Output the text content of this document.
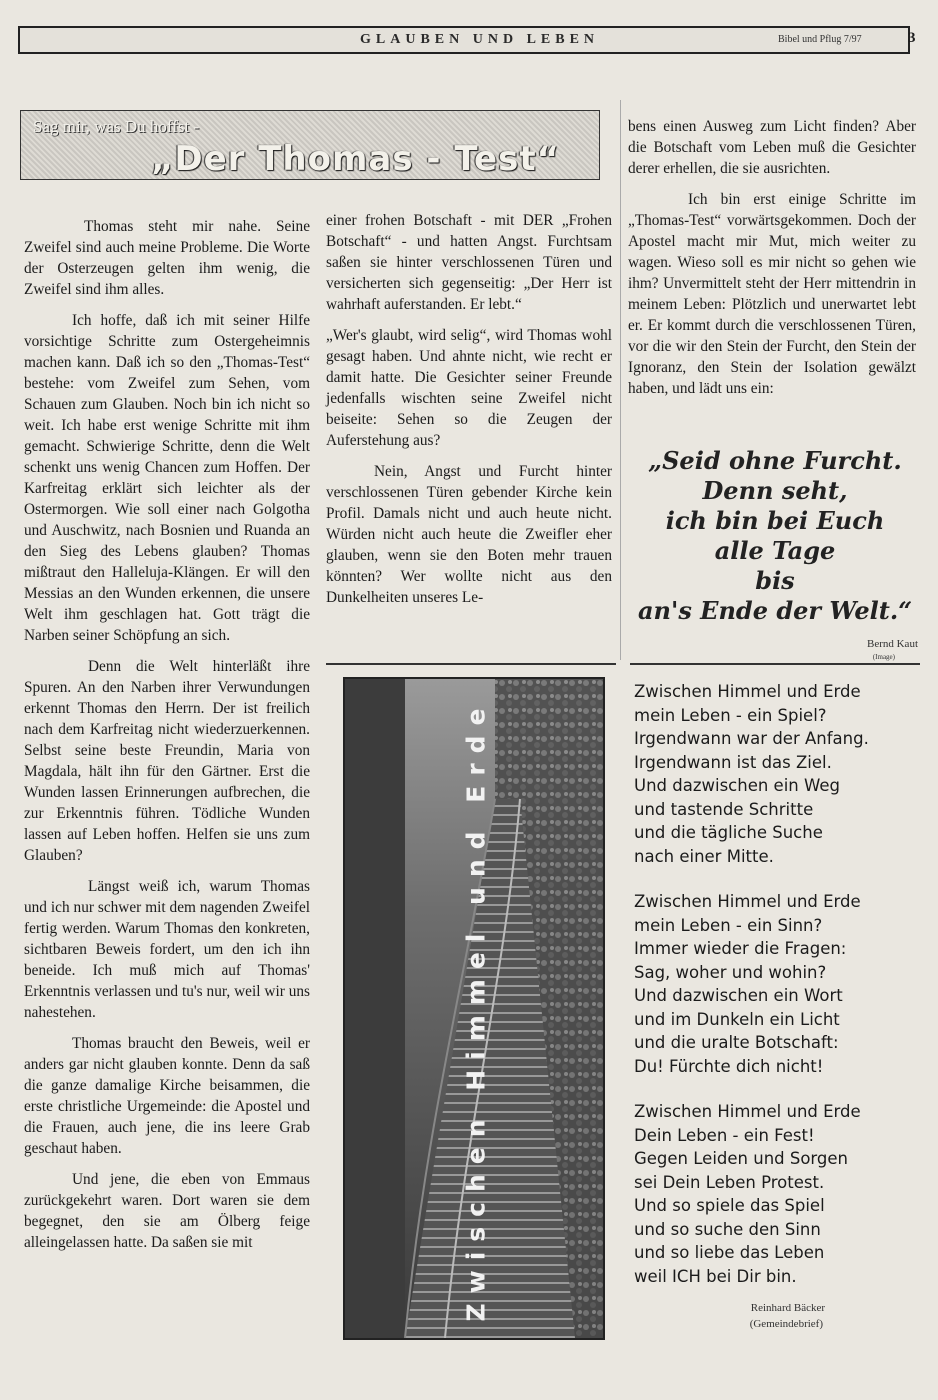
GLAUBEN UND LEBEN	Bibel und Pflug 7/97	3
Sag mir, was Du hoffst -
„Der Thomas - Test“

Thomas steht mir nahe. Seine Zweifel sind auch meine Probleme. Die Worte der Osterzeugen gelten ihm wenig, die Zweifel sind ihm alles.

Ich hoffe, daß ich mit seiner Hilfe vorsichtige Schritte zum Ostergeheimnis machen kann. Daß ich so den „Thomas-Test“ bestehe: vom Zweifel zum Sehen, vom Schauen zum Glauben. Noch bin ich nicht so weit. Ich habe erst wenige Schritte mit ihm gemacht. Schwierige Schritte, denn die Welt schenkt uns wenig Chancen zum Hoffen. Der Karfreitag erklärt sich leichter als der Ostermorgen. Wie soll einer nach Golgotha und Auschwitz, nach Bosnien und Ruanda an den Sieg des Lebens glauben? Thomas mißtraut den Halleluja-Klängen. Er will den Messias an den Wunden erkennen, die unsere Welt ihm geschlagen hat. Gott trägt die Narben seiner Schöpfung an sich.

Denn die Welt hinterläßt ihre Spuren. An den Narben ihrer Verwundungen erkennt Thomas den Herrn. Der ist freilich nach dem Karfreitag nicht wiederzuerkennen. Selbst seine beste Freundin, Maria von Magdala, hält ihn für den Gärtner. Erst die Wunden lassen Erinnerungen aufbrechen, die zur Erkenntnis führen. Tödliche Wunden lassen auf Leben hoffen. Helfen sie uns zum Glauben?

Längst weiß ich, warum Thomas und ich nur schwer mit dem nagenden Zweifel fertig werden. Warum Thomas den konkreten, sichtbaren Beweis fordert, um den ich ihn beneide. Ich muß mich auf Thomas' Erkenntnis verlassen und tu's nur, weil wir uns nahestehen.

Thomas braucht den Beweis, weil er anders gar nicht glauben konnte. Denn da saß die ganze damalige Kirche beisammen, die erste christliche Urgemeinde: die Apostel und die Frauen, auch jene, die ins leere Grab geschaut haben.

Und jene, die eben von Emmaus zurückgekehrt waren. Dort waren sie dem begegnet, den sie am Ölberg feige alleingelassen hatte. Da saßen sie mit

einer frohen Botschaft - mit DER „Frohen Botschaft“ - und hatten Angst. Furchtsam saßen sie hinter verschlossenen Türen und versicherten sich gegenseitig: „Der Herr ist wahrhaft auferstanden. Er lebt.“

„Wer's glaubt, wird selig“, wird Thomas wohl gesagt haben. Und ahnte nicht, wie recht er damit hatte. Die Gesichter seiner Freunde jedenfalls wischten seine Zweifel nicht beiseite: Sehen so die Zeugen der Auferstehung aus?

Nein, Angst und Furcht hinter verschlossenen Türen gebender Kirche kein Profil. Damals nicht und auch heute nicht. Würden nicht auch heute die Zweifler eher glauben, wenn sie den Boten mehr trauen könnten? Wer wollte nicht aus den Dunkelheiten unseres Le-

bens einen Ausweg zum Licht finden? Aber die Botschaft vom Leben muß die Gesichter derer erhellen, die sie ausrichten.

Ich bin erst einige Schritte im „Thomas-Test“ vorwärtsgekommen. Doch der Apostel macht mir Mut, mich weiter zu wagen. Wieso soll es mir nicht so gehen wie ihm? Unvermittelt steht der Herr mittendrin in meinem Leben: Plötzlich und unerwartet lebt er. Er kommt durch die verschlossenen Türen, vor die wir den Stein der Furcht, den Stein der Ignoranz, den Stein der Isolation gewälzt haben, und lädt uns ein:

„Seid ohne Furcht.
Denn seht,
ich bin bei Euch
alle Tage
bis
an's Ende der Welt.“
Bernd Kaut
(Image)
Zwischen Himmel und Erde
Zwischen Himmel und Erde
mein Leben - ein Spiel?
Irgendwann war der Anfang.
Irgendwann ist das Ziel.
Und dazwischen ein Weg
und tastende Schritte
und die tägliche Suche
nach einer Mitte.
Zwischen Himmel und Erde
mein Leben - ein Sinn?
Immer wieder die Fragen:
Sag, woher und wohin?
Und dazwischen ein Wort
und im Dunkeln ein Licht
und die uralte Botschaft:
Du! Fürchte dich nicht!
Zwischen Himmel und Erde
Dein Leben - ein Fest!
Gegen Leiden und Sorgen
sei Dein Leben Protest.
Und so spiele das Spiel
und so suche den Sinn
und so liebe das Leben
weil ICH bei Dir bin.
Reinhard Bäcker
(Gemeindebrief)
